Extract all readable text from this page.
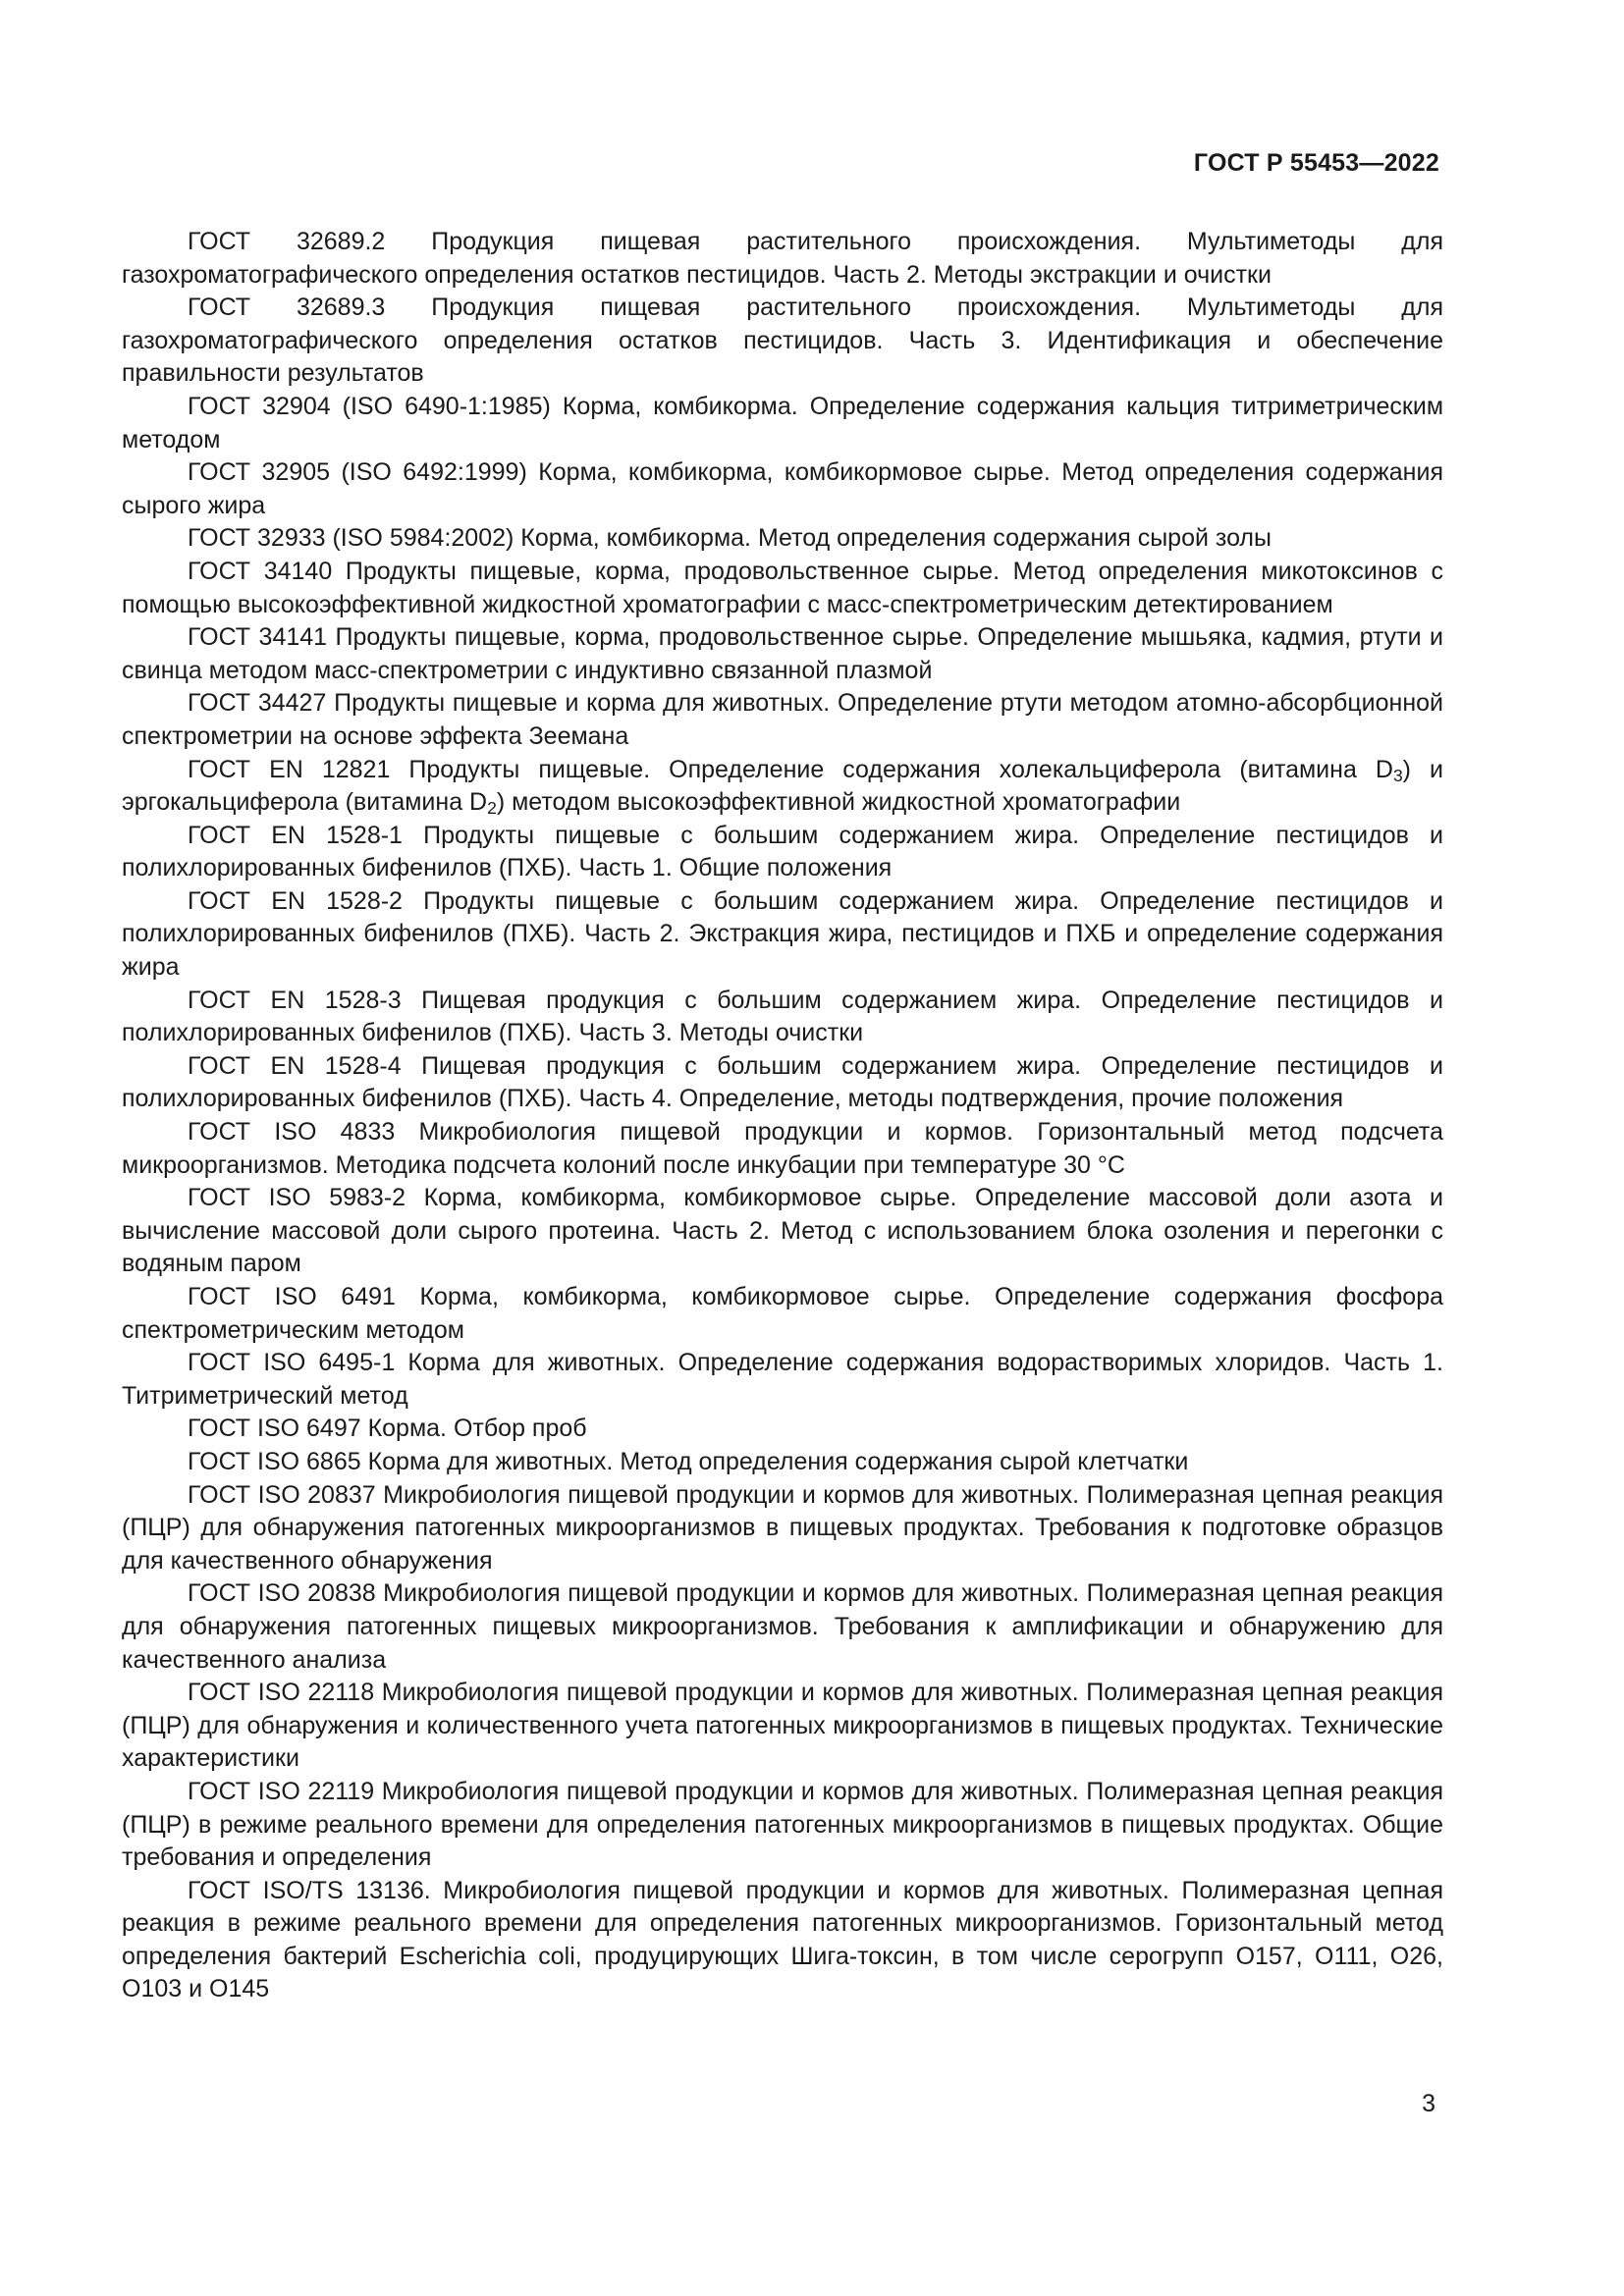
ГОСТ Р 55453—2022

ГОСТ 32689.2 Продукция пищевая растительного происхождения. Мультиметоды для газохроматографического определения остатков пестицидов. Часть 2. Методы экстракции и очистки

ГОСТ 32689.3 Продукция пищевая растительного происхождения. Мультиметоды для газохроматографического определения остатков пестицидов. Часть 3. Идентификация и обеспечение правильности результатов

ГОСТ 32904 (ISO 6490-1:1985) Корма, комбикорма. Определение содержания кальция титриметрическим методом

ГОСТ 32905 (ISO 6492:1999) Корма, комбикорма, комбикормовое сырье. Метод определения содержания сырого жира

ГОСТ 32933 (ISO 5984:2002) Корма, комбикорма. Метод определения содержания сырой золы

ГОСТ 34140 Продукты пищевые, корма, продовольственное сырье. Метод определения микотоксинов с помощью высокоэффективной жидкостной хроматографии с масс-спектрометрическим детектированием

ГОСТ 34141 Продукты пищевые, корма, продовольственное сырье. Определение мышьяка, кадмия, ртути и свинца методом масс-спектрометрии с индуктивно связанной плазмой

ГОСТ 34427 Продукты пищевые и корма для животных. Определение ртути методом атомно-абсорбционной спектрометрии на основе эффекта Зеемана

ГОСТ EN 12821 Продукты пищевые. Определение содержания холекальциферола (витамина $D_3$) и эргокальциферола (витамина $D_2$) методом высокоэффективной жидкостной хроматографии

ГОСТ EN 1528-1 Продукты пищевые с большим содержанием жира. Определение пестицидов и полихлорированных бифенилов (ПХБ). Часть 1. Общие положения

ГОСТ EN 1528-2 Продукты пищевые с большим содержанием жира. Определение пестицидов и полихлорированных бифенилов (ПХБ). Часть 2. Экстракция жира, пестицидов и ПХБ и определение содержания жира

ГОСТ EN 1528-3 Пищевая продукция с большим содержанием жира. Определение пестицидов и полихлорированных бифенилов (ПХБ). Часть 3. Методы очистки

ГОСТ EN 1528-4 Пищевая продукция с большим содержанием жира. Определение пестицидов и полихлорированных бифенилов (ПХБ). Часть 4. Определение, методы подтверждения, прочие положения

ГОСТ ISO 4833 Микробиология пищевой продукции и кормов. Горизонтальный метод подсчета микроорганизмов. Методика подсчета колоний после инкубации при температуре 30 °C

ГОСТ ISO 5983-2 Корма, комбикорма, комбикормовое сырье. Определение массовой доли азота и вычисление массовой доли сырого протеина. Часть 2. Метод с использованием блока озоления и перегонки с водяным паром

ГОСТ ISO 6491 Корма, комбикорма, комбикормовое сырье. Определение содержания фосфора спектрометрическим методом

ГОСТ ISO 6495-1 Корма для животных. Определение содержания водорастворимых хлоридов. Часть 1. Титриметрический метод

ГОСТ ISO 6497 Корма. Отбор проб

ГОСТ ISO 6865 Корма для животных. Метод определения содержания сырой клетчатки

ГОСТ ISO 20837 Микробиология пищевой продукции и кормов для животных. Полимеразная цепная реакция (ПЦР) для обнаружения патогенных микроорганизмов в пищевых продуктах. Требования к подготовке образцов для качественного обнаружения

ГОСТ ISO 20838 Микробиология пищевой продукции и кормов для животных. Полимеразная цепная реакция для обнаружения патогенных пищевых микроорганизмов. Требования к амплификации и обнаружению для качественного анализа

ГОСТ ISO 22118 Микробиология пищевой продукции и кормов для животных. Полимеразная цепная реакция (ПЦР) для обнаружения и количественного учета патогенных микроорганизмов в пищевых продуктах. Технические характеристики

ГОСТ ISO 22119 Микробиология пищевой продукции и кормов для животных. Полимеразная цепная реакция (ПЦР) в режиме реального времени для определения патогенных микроорганизмов в пищевых продуктах. Общие требования и определения

ГОСТ ISO/TS 13136. Микробиология пищевой продукции и кормов для животных. Полимеразная цепная реакция в режиме реального времени для определения патогенных микроорганизмов. Горизонтальный метод определения бактерий Escherichia coli, продуцирующих Шига-токсин, в том числе серогрупп O157, O111, O26, O103 и O145

3
